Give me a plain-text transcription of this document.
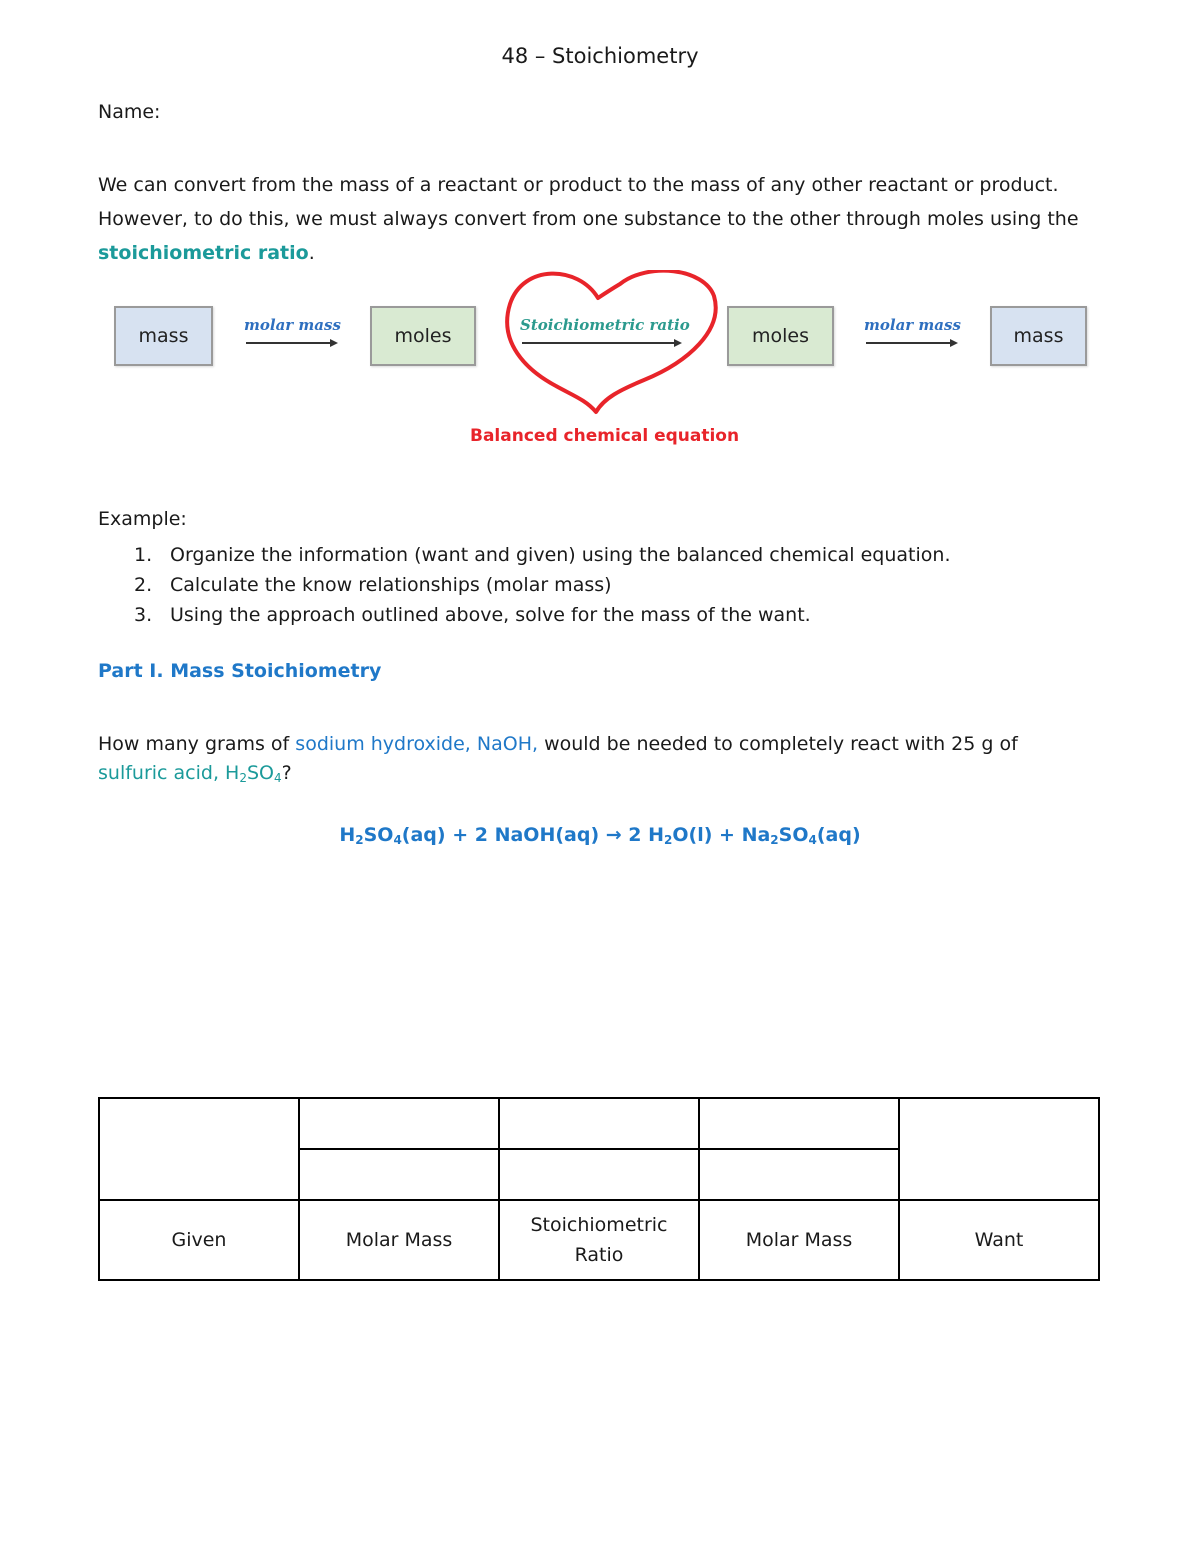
48 – Stoichiometry
Name:
We can convert from the mass of a reactant or product to the mass of any other reactant or product.
However, to do this, we must always convert from one substance to the other through moles using the
stoichiometric ratio.
mass	molar mass	moles	Stoichiometric ratio	moles	molar mass	mass
Balanced chemical equation
Example:
1. Organize the information (want and given) using the balanced chemical equation.
2. Calculate the know relationships (molar mass)
3. Using the approach outlined above, solve for the mass of the want.
Part I. Mass Stoichiometry
How many grams of sodium hydroxide, NaOH, would be needed to completely react with 25 g of
sulfuric acid, $H_2SO_4$?
$H_2SO_4(aq) + 2$ NaOH(aq) → 2 $H_2O(l) + Na_2SO_4(aq)$

Given	Molar Mass	Stoichiometric Ratio	Molar Mass	Want
